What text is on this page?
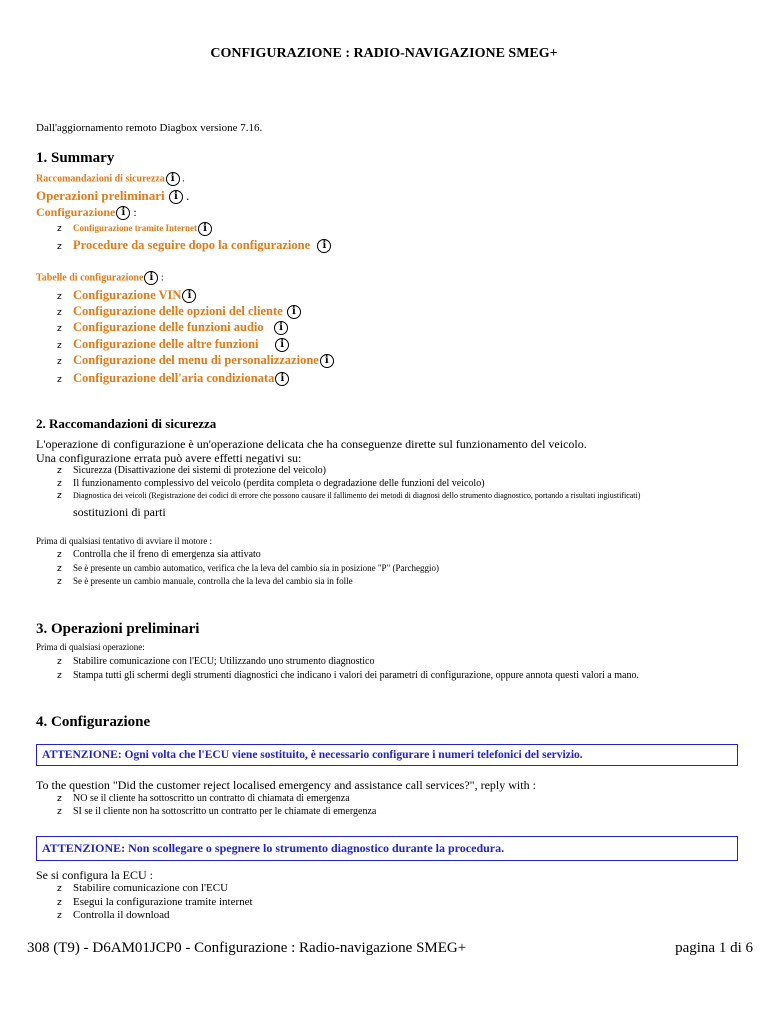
CONFIGURAZIONE : RADIO-NAVIGAZIONE SMEG+
Dall'aggiornamento remoto Diagbox versione 7.16.
1. Summary
Raccomandazioni di sicurezza i .
Operazioni preliminari i .
Configurazione i :
z Configurazione tramite Internet i
z Procedure da seguire dopo la configurazione i
Tabelle di configurazione i :
z Configurazione VIN i
z Configurazione delle opzioni del cliente i
z Configurazione delle funzioni audio i
z Configurazione delle altre funzioni i
z Configurazione del menu di personalizzazione i
z Configurazione dell'aria condizionata i
2. Raccomandazioni di sicurezza
L'operazione di configurazione è un'operazione delicata che ha conseguenze dirette sul funzionamento del veicolo.
Una configurazione errata può avere effetti negativi su:
z Sicurezza (Disattivazione dei sistemi di protezione del veicolo)
z Il funzionamento complessivo del veicolo (perdita completa o degradazione delle funzioni del veicolo)
z Diagnostica dei veicoli (Registrazione dei codici di errore che possono causare il fallimento dei metodi di diagnosi dello strumento diagnostico, portando a risultati ingiustificati)
sostituzioni di parti
Prima di qualsiasi tentativo di avviare il motore :
z Controlla che il freno di emergenza sia attivato
z Se è presente un cambio automatico, verifica che la leva del cambio sia in posizione "P" (Parcheggio)
z Se è presente un cambio manuale, controlla che la leva del cambio sia in folle
3. Operazioni preliminari
Prima di qualsiasi operazione:
z Stabilire comunicazione con l'ECU; Utilizzando uno strumento diagnostico
z Stampa tutti gli schermi degli strumenti diagnostici che indicano i valori dei parametri di configurazione, oppure annota questi valori a mano.
4. Configurazione
ATTENZIONE: Ogni volta che l'ECU viene sostituito, è necessario configurare i numeri telefonici del servizio.
To the question "Did the customer reject localised emergency and assistance call services?", reply with :
z NO se il cliente ha sottoscritto un contratto di chiamata di emergenza
z SI se il cliente non ha sottoscritto un contratto per le chiamate di emergenza
ATTENZIONE: Non scollegare o spegnere lo strumento diagnostico durante la procedura.
Se si configura la ECU :
z Stabilire comunicazione con l'ECU
z Esegui la configurazione tramite internet
z Controlla il download
308 (T9) - D6AM01JCP0 - Configurazione : Radio-navigazione SMEG+	pagina 1 di 6
